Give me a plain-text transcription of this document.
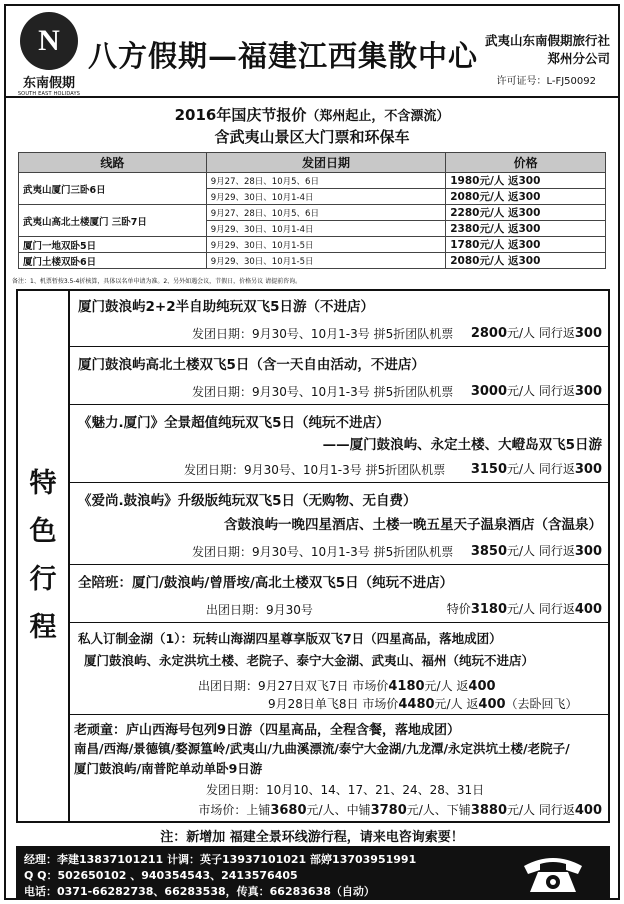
N
东南假期
SOUTH EAST HOLIDAYS
八方假期—福建江西集散中心 武夷山东南假期旅行社
郑州分公司
许可证号：L-FJ50092
2016年国庆节报价（郑州起止，不含漂流）
含武夷山景区大门票和环保车
线路	发团日期	价格
武夷山厦门三卧6日	9月27、28日、10月5、6日	1980元/人 返300
	9月29、30日、10月1-4日	2080元/人 返300
武夷山高北土楼厦门 三卧7日	9月27、28日、10月5、6日	2280元/人 返300
	9月29、30日、10月1-4日	2380元/人 返300
厦门一地双卧5日	9月29、30日、10月1-5日	1780元/人 返300
厦门土楼双卧6日	9月29、30日、10月1-5日	2080元/人 返300
备注：1、机票暂按3.5-4折核算，具体以名单申请为准。2、另外如遇会议，节假日，价格另议 请提前咨询。
特
色
行
程
厦门鼓浪屿2+2半自助纯玩双飞5日游（不进店）
发团日期：9月30号、10月1-3号 拼5折团队机票 2800元/人 同行返300
厦门鼓浪屿高北土楼双飞5日（含一天自由活动，不进店）
发团日期：9月30号、10月1-3号 拼5折团队机票 3000元/人 同行返300
《魅力.厦门》全景超值纯玩双飞5日（纯玩不进店）
——厦门鼓浪屿、永定土楼、大嶝岛双飞5日游
发团日期：9月30号、10月1-3号 拼5折团队机票 3150元/人 同行返300
《爱尚.鼓浪屿》升级版纯玩双飞5日（无购物、无自费）
含鼓浪屿一晚四星酒店、土楼一晚五星天子温泉酒店（含温泉）
发团日期：9月30号、10月1-3号 拼5折团队机票 3850元/人 同行返300
全陪班：厦门/鼓浪屿/曾厝垵/高北土楼双飞5日（纯玩不进店）
出团日期：9月30号	特价3180元/人 同行返400
私人订制金湖（1）：玩转山海湖四星尊享版双飞7日（四星高品，落地成团）
厦门鼓浪屿、永定洪坑土楼、老院子、泰宁大金湖、武夷山、福州（纯玩不进店）
出团日期：9月27日双飞7日 市场价4180元/人 返400
9月28日单飞8日 市场价4480元/人 返400（去卧回飞）
老顽童：庐山西海号包列9日游（四星高品，全程含餐，落地成团）
南昌/西海/景德镇/婺源篁岭/武夷山/九曲溪漂流/泰宁大金湖/九龙潭/永定洪坑土楼/老院子/
厦门鼓浪屿/南普陀单动单卧9日游
发团日期：10月10、14、17、21、24、28、31日
市场价：上铺3680元/人、中铺3780元/人、下铺3880元/人 同行返400
注：新增加 福建全景环线游行程，请来电咨询索要！
经理：李建13837101211 计调：英子13937101021 部婷13703951991
Q Q：502650102 、940354543、2413576405
电话：0371-66282738、66283538，传真：66283638（自动）
